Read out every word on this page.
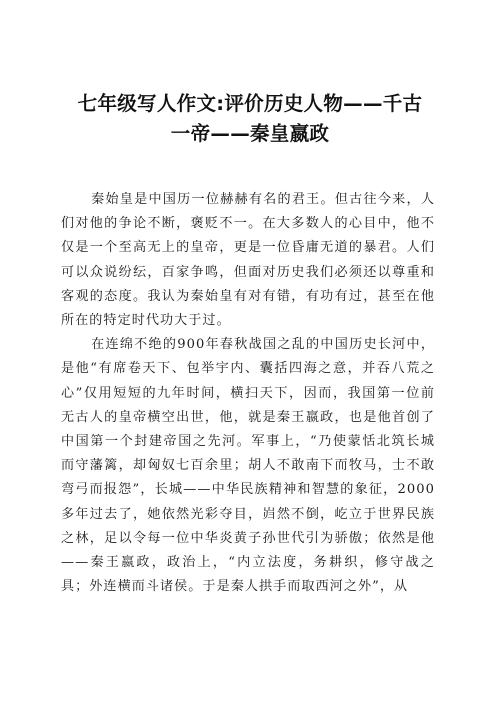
七年级写人作文:评价历史人物——千古一帝——秦皇嬴政

秦始皇是中国历一位赫赫有名的君王。但古往今来，人们对他的争论不断，褒贬不一。在大多数人的心目中，他不仅是一个至高无上的皇帝，更是一位昏庸无道的暴君。人们可以众说纷纭，百家争鸣，但面对历史我们必须还以尊重和客观的态度。我认为秦始皇有对有错，有功有过，甚至在他所在的特定时代功大于过。

在连绵不绝的900年春秋战国之乱的中国历史长河中，是他“有席卷天下、包举宇内、囊括四海之意，并吞八荒之心”仅用短短的九年时间，横扫天下，因而，我国第一位前无古人的皇帝横空出世，他，就是秦王嬴政，也是他首创了中国第一个封建帝国之先河。军事上，“乃使蒙恬北筑长城而守藩篱，却匈奴七百余里；胡人不敢南下而牧马，士不敢弯弓而报怨”，长城——中华民族精神和智慧的象征，2000多年过去了，她依然光彩夺目，岿然不倒，屹立于世界民族之林，足以令每一位中华炎黄子孙世代引为骄傲；依然是他——秦王嬴政，政治上，“内立法度，务耕织，修守战之具；外连横而斗诸侯。于是秦人拱手而取西河之外”，从
